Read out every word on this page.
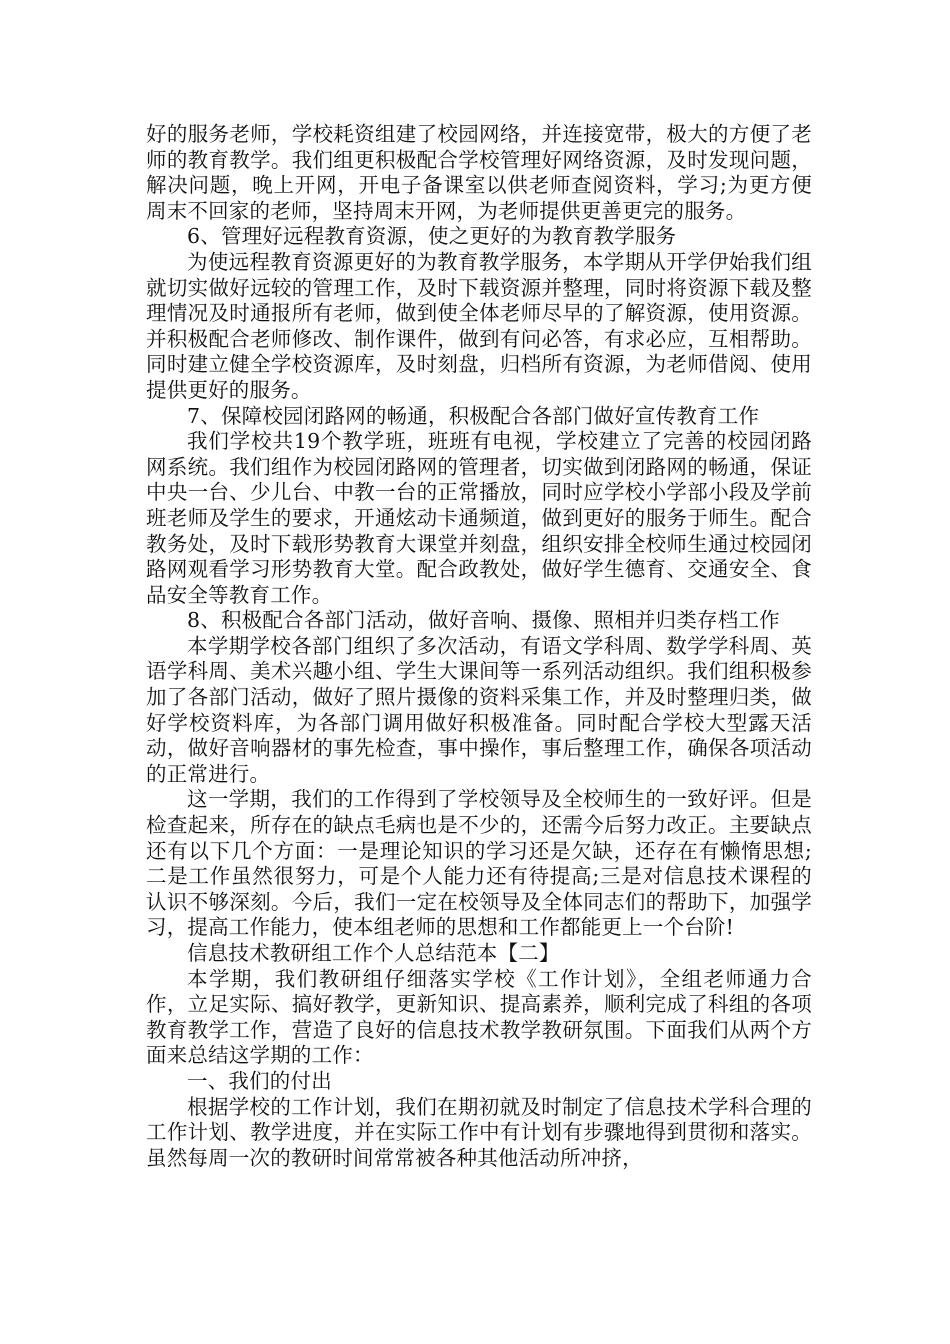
好的服务老师，学校耗资组建了校园网络，并连接宽带，极大的方便了老师的教育教学。我们组更积极配合学校管理好网络资源，及时发现问题，解决问题，晚上开网，开电子备课室以供老师查阅资料，学习;为更方便周末不回家的老师，坚持周末开网，为老师提供更善更完的服务。

6、管理好远程教育资源，使之更好的为教育教学服务

为使远程教育资源更好的为教育教学服务，本学期从开学伊始我们组就切实做好远较的管理工作，及时下载资源并整理，同时将资源下载及整理情况及时通报所有老师，做到使全体老师尽早的了解资源，使用资源。并积极配合老师修改、制作课件，做到有问必答，有求必应，互相帮助。同时建立健全学校资源库，及时刻盘，归档所有资源，为老师借阅、使用提供更好的服务。

7、保障校园闭路网的畅通，积极配合各部门做好宣传教育工作

我们学校共19个教学班，班班有电视，学校建立了完善的校园闭路网系统。我们组作为校园闭路网的管理者，切实做到闭路网的畅通，保证中央一台、少儿台、中教一台的正常播放，同时应学校小学部小段及学前班老师及学生的要求，开通炫动卡通频道，做到更好的服务于师生。配合教务处，及时下载形势教育大课堂并刻盘，组织安排全校师生通过校园闭路网观看学习形势教育大堂。配合政教处，做好学生德育、交通安全、食品安全等教育工作。

8、积极配合各部门活动，做好音响、摄像、照相并归类存档工作

本学期学校各部门组织了多次活动，有语文学科周、数学学科周、英语学科周、美术兴趣小组、学生大课间等一系列活动组织。我们组积极参加了各部门活动，做好了照片摄像的资料采集工作，并及时整理归类，做好学校资料库，为各部门调用做好积极准备。同时配合学校大型露天活动，做好音响器材的事先检查，事中操作，事后整理工作，确保各项活动的正常进行。

这一学期，我们的工作得到了学校领导及全校师生的一致好评。但是检查起来，所存在的缺点毛病也是不少的，还需今后努力改正。主要缺点还有以下几个方面：一是理论知识的学习还是欠缺，还存在有懒惰思想;二是工作虽然很努力，可是个人能力还有待提高;三是对信息技术课程的认识不够深刻。今后，我们一定在校领导及全体同志们的帮助下，加强学习，提高工作能力，使本组老师的思想和工作都能更上一个台阶!

信息技术教研组工作个人总结范本【二】

本学期，我们教研组仔细落实学校《工作计划》，全组老师通力合作，立足实际、搞好教学，更新知识、提高素养，顺利完成了科组的各项教育教学工作，营造了良好的信息技术教学教研氛围。下面我们从两个方面来总结这学期的工作：

一、我们的付出

根据学校的工作计划，我们在期初就及时制定了信息技术学科合理的工作计划、教学进度，并在实际工作中有计划有步骤地得到贯彻和落实。虽然每周一次的教研时间常常被各种其他活动所冲挤，
